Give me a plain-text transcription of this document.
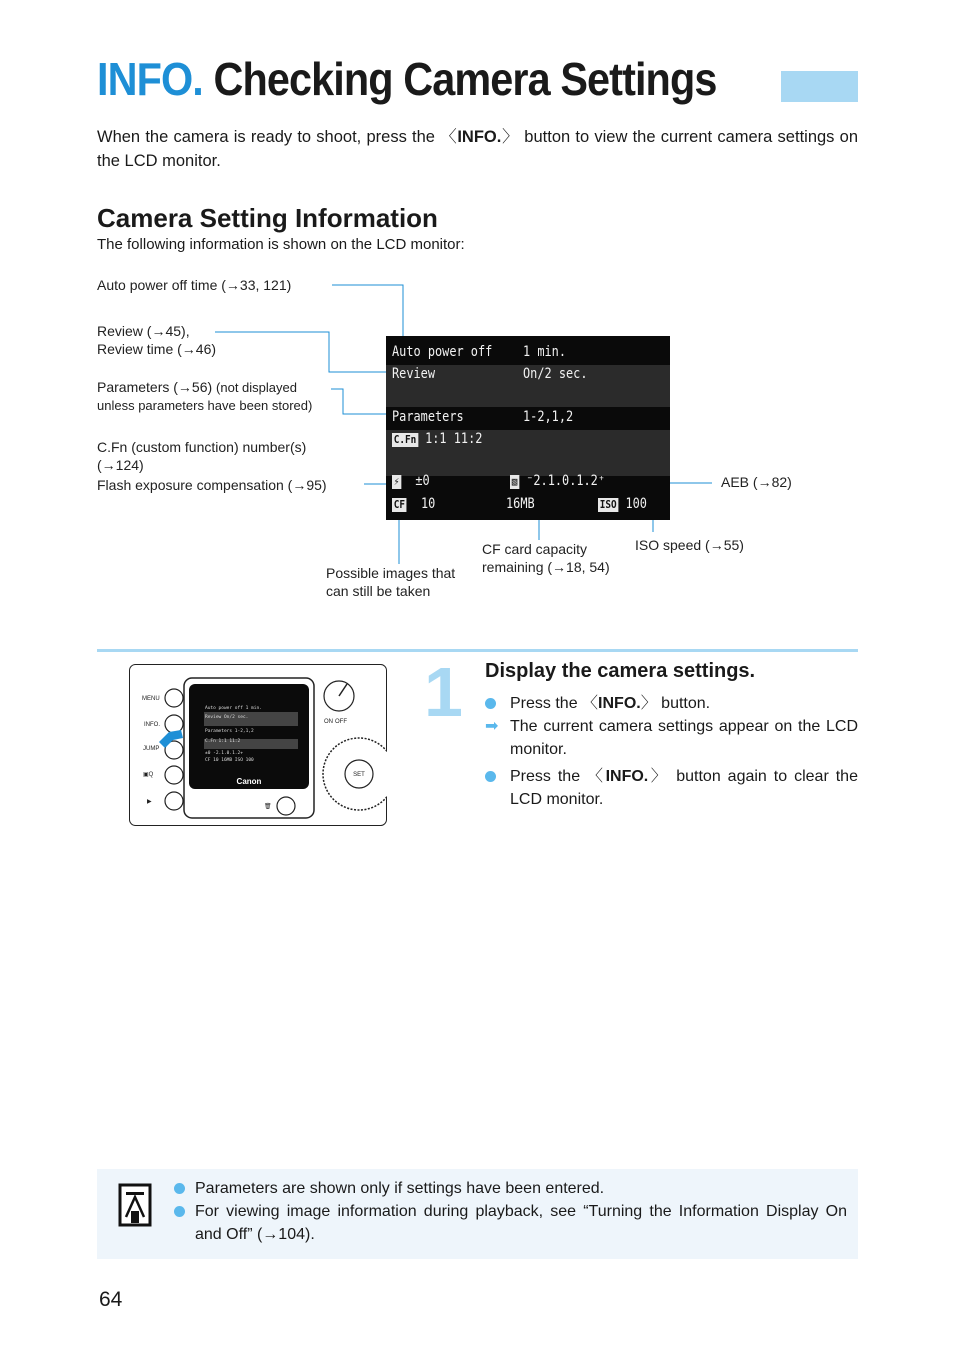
INFO. Checking Camera Settings
When the camera is ready to shoot, press the 〈INFO.〉 button to view the current camera settings on the LCD monitor.
Camera Setting Information
The following information is shown on the LCD monitor:
Auto power off time (→33, 121)
Review (→45),
Review time (→46)
Parameters (→56) (not displayed
unless parameters have been stored)
C.Fn (custom function) number(s)
(→124)
Flash exposure compensation (→95)	AEB (→82)
Possible images that
can still be taken
CF card capacity
remaining (→18, 54)
ISO speed (→55)
Auto power off 1 min.
Review	On/2 sec.
Parameters	1-2,1,2
C.Fn 1:1 11:2
⚡ ±0	▧ ⁻2.1.0.1.2⁺
CF 10	16MB	ISO 100
Auto power off 1 min.
Review On/2 sec.
Parameters 1-2,1,2
C.Fn 1:1 11:2
±0 -2.1.0.1.2+
CF 10 16MB ISO 100
Canon
MENU
INFO.
JUMP
▣Q
▶
ON OFF
🗑
SET
1 Display the camera settings.
Press the 〈INFO.〉 button.
➡ The current camera settings appear on the LCD monitor.
Press the 〈INFO.〉 button again to clear the LCD monitor.
Parameters are shown only if settings have been entered.
For viewing image information during playback, see “Turning the Information Display On and Off” (→104).
64
